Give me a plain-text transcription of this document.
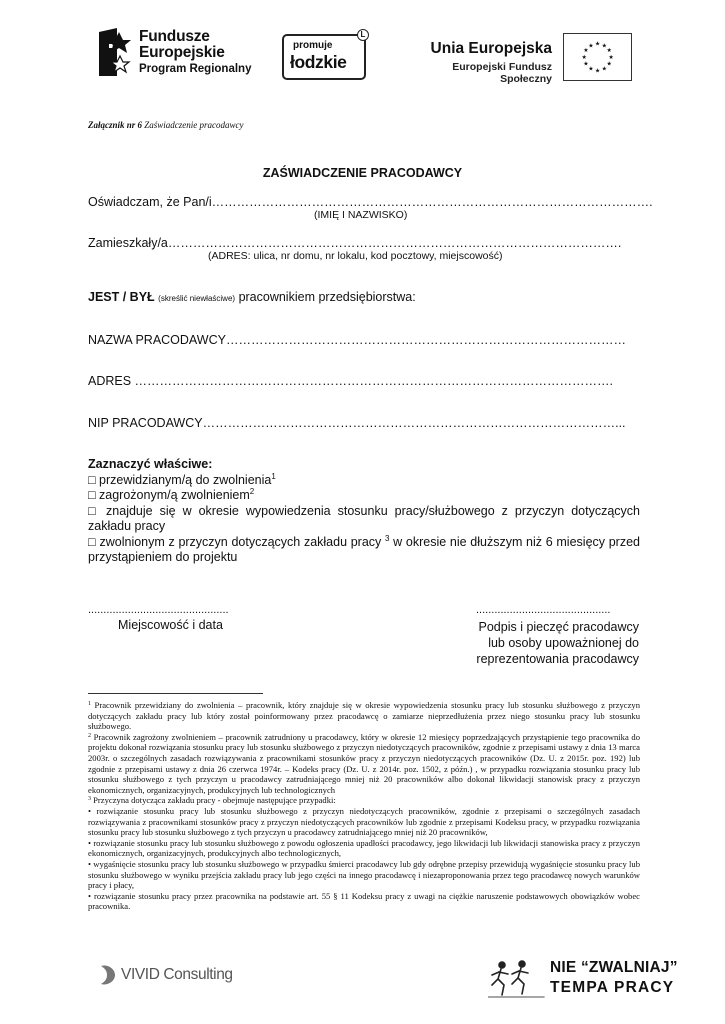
Fundusze
Europejskie
Program Regionalny
promuje
łodzkie
L
Unia Europejska
Europejski Fundusz Społeczny
★ ★
★
★
★
★
★
★
★
★
★
★
Załącznik nr 6 Zaświadczenie pracodawcy
ZAŚWIADCZENIE PRACODAWCY
Oświadczam, że Pan/i…………………………………………………………………………………………….
(IMIĘ I NAZWISKO)
Zamieszkały/a……………………………………………………………………………………………….
(ADRES: ulica, nr domu, nr lokalu, kod pocztowy, miejscowość)
JEST / BYŁ (skreślić niewłaściwe) pracownikiem przedsiębiorstwa:
NAZWA PRACODAWCY……………………………………………………………………………………
ADRES …………………………………………………………………………………………………….
NIP PRACODAWCY………………………………………………………………………………………...

Zaznaczyć właściwe:

□ przewidzianym/ą do zwolnienia$^1$

□ zagrożonym/ą zwolnieniem$^2$

□ znajduje się w okresie wypowiedzenia stosunku pracy/służbowego z przyczyn dotyczących zakładu pracy

□ zwolnionym z przyczyn dotyczących zakładu pracy $^3$ w okresie nie dłuższym niż 6 miesięcy przed przystąpieniem do projektu

..............................................
Miejscowość i data
............................................
Podpis i pieczęć pracodawcy
lub osoby upoważnionej do
reprezentowania pracodawcy

$^1$ Pracownik przewidziany do zwolnienia – pracownik, który znajduje się w okresie wypowiedzenia stosunku pracy lub stosunku służbowego z przyczyn dotyczących zakładu pracy lub który został poinformowany przez pracodawcę o zamiarze nieprzedłużenia przez niego stosunku pracy lub stosunku służbowego.

$^2$ Pracownik zagrożony zwolnieniem – pracownik zatrudniony u pracodawcy, który w okresie 12 miesięcy poprzedzających przystąpienie tego pracownika do projektu dokonał rozwiązania stosunku pracy lub stosunku służbowego z przyczyn niedotyczących pracowników, zgodnie z przepisami ustawy z dnia 13 marca 2003r. o szczególnych zasadach rozwiązywania z pracownikami stosunków pracy z przyczyn niedotyczących pracowników (Dz. U. z 2015r. poz. 192) lub zgodnie z przepisami ustawy z dnia 26 czerwca 1974r. – Kodeks pracy (Dz. U. z 2014r. poz. 1502, z późn.) , w przypadku rozwiązania stosunku pracy lub stosunku służbowego z tych przyczyn u pracodawcy zatrudniającego mniej niż 20 pracowników albo dokonał likwidacji stanowisk pracy z przyczyn ekonomicznych, organizacyjnych, produkcyjnych lub technologicznych

$^3$ Przyczyna dotycząca zakładu pracy - obejmuje następujące przypadki:

• rozwiązanie stosunku pracy lub stosunku służbowego z przyczyn niedotyczących pracowników, zgodnie z przepisami o szczególnych zasadach rozwiązywania z pracownikami stosunków pracy z przyczyn niedotyczących pracowników lub zgodnie z przepisami Kodeksu pracy, w przypadku rozwiązania stosunku pracy lub stosunku służbowego z tych przyczyn u pracodawcy zatrudniającego mniej niż 20 pracowników,

• rozwiązanie stosunku pracy lub stosunku służbowego z powodu ogłoszenia upadłości pracodawcy, jego likwidacji lub likwidacji stanowiska pracy z przyczyn ekonomicznych, organizacyjnych, produkcyjnych albo technologicznych,

• wygaśnięcie stosunku pracy lub stosunku służbowego w przypadku śmierci pracodawcy lub gdy odrębne przepisy przewidują wygaśnięcie stosunku pracy lub stosunku służbowego w wyniku przejścia zakładu pracy lub jego części na innego pracodawcę i niezaproponowania przez tego pracodawcę nowych warunków pracy i płacy,

• rozwiązanie stosunku pracy przez pracownika na podstawie art. 55 § 11 Kodeksu pracy z uwagi na ciężkie naruszenie podstawowych obowiązków wobec pracownika.

VIVID Consulting	NIE “ZWALNIAJ”
TEMPA PRACY
